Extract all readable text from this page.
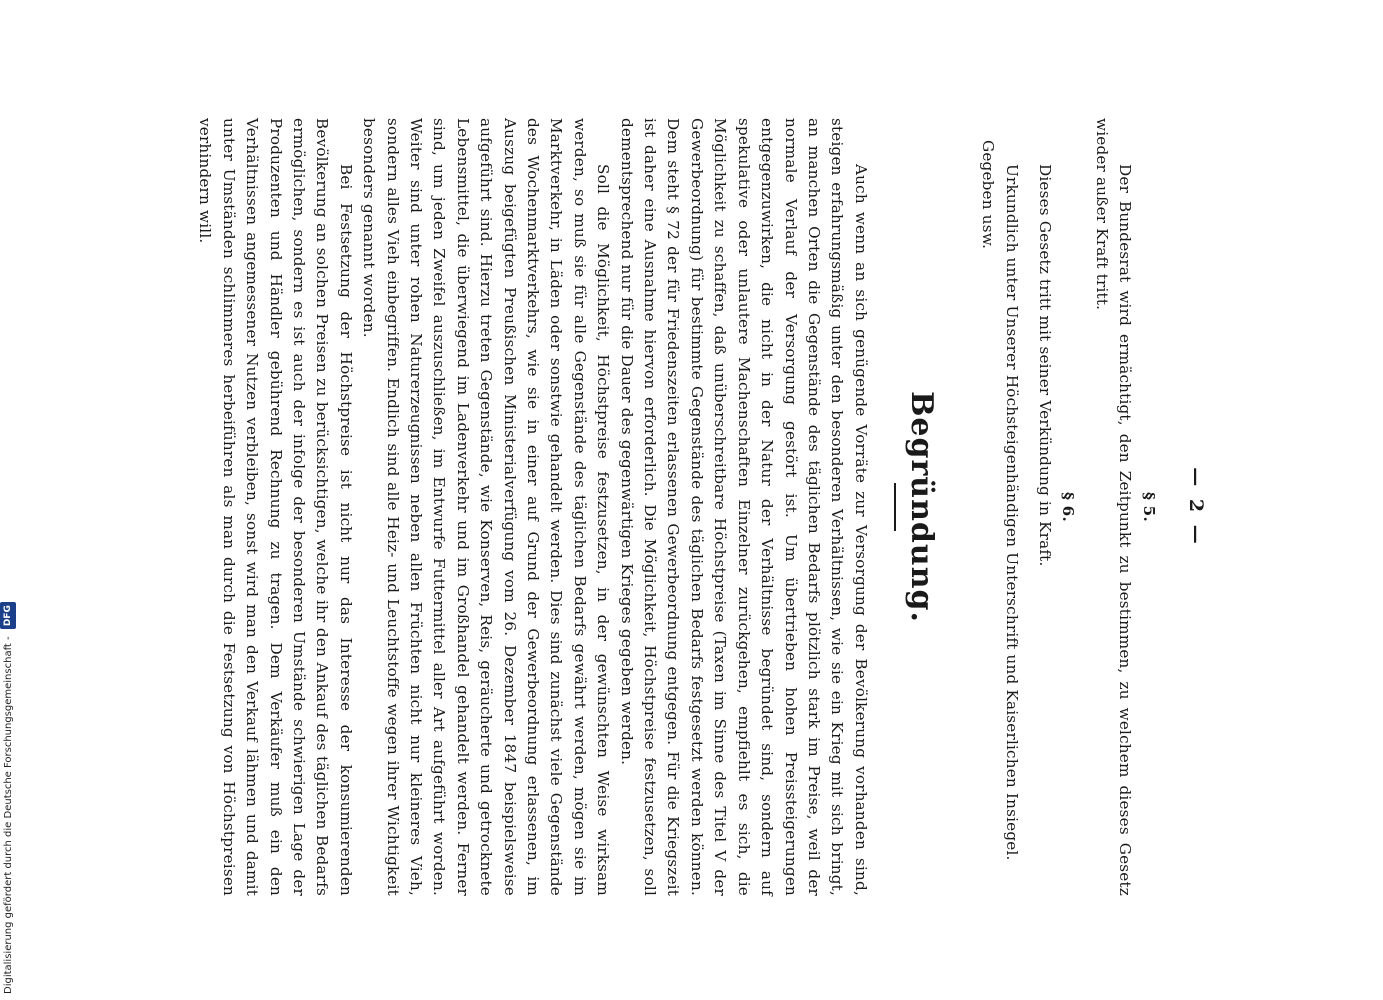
— 2 —

§ 5.

Der Bundesrat wird ermächtigt, den Zeitpunkt zu bestimmen, zu welchem dieses Gesetz wieder außer Kraft tritt.

§ 6.

Dieses Gesetz tritt mit seiner Verkündung in Kraft.

Urkundlich unter Unserer Höchsteigenhändigen Unterschrift und Kaiserlichen Insiegel.

Gegeben usw.

Begründung.

Auch wenn an sich genügende Vorräte zur Versorgung der Bevölkerung vorhanden sind, steigen erfahrungsmäßig unter den besonderen Verhältnissen, wie sie ein Krieg mit sich bringt, an manchen Orten die Gegenstände des täglichen Bedarfs plötzlich stark im Preise, weil der normale Verlauf der Versorgung gestört ist. Um übertrieben hohen Preissteigerungen entgegenzuwirken, die nicht in der Natur der Verhältnisse begründet sind, sondern auf spekulative oder unlautere Machenschaften Einzelner zurückgehen, empfiehlt es sich, die Möglichkeit zu schaffen, daß unüberschreitbare Höchstpreise (Taxen im Sinne des Titel V der Gewerbeordnung) für bestimmte Gegenstände des täglichen Bedarfs festgesetzt werden können. Dem steht § 72 der für Friedenszeiten erlassenen Gewerbeordnung entgegen. Für die Kriegszeit ist daher eine Ausnahme hiervon erforderlich. Die Möglichkeit, Höchstpreise festzusetzen, soll dementsprechend nur für die Dauer des gegenwärtigen Krieges gegeben werden.

Soll die Möglichkeit, Höchstpreise festzusetzen, in der gewünschten Weise wirksam werden, so muß sie für alle Gegenstände des täglichen Bedarfs gewährt werden, mögen sie im Marktverkehr, in Läden oder sonstwie gehandelt werden. Dies sind zunächst viele Gegenstände des Wochenmarktverkehrs, wie sie in einer auf Grund der Gewerbeordnung erlassenen, im Auszug beigefügten Preußischen Ministerialverfügung vom 26. Dezember 1847 beispielsweise aufgeführt sind. Hierzu treten Gegenstände, wie Konserven, Reis, geräucherte und getrocknete Lebensmittel, die überwiegend im Ladenverkehr und im Großhandel gehandelt werden. Ferner sind, um jeden Zweifel auszuschließen, im Entwurfe Futtermittel aller Art aufgeführt worden. Weiter sind unter rohen Naturerzeugnissen neben allen Früchten nicht nur kleineres Vieh, sondern alles Vieh einbegriffen. Endlich sind alle Heiz- und Leuchtstoffe wegen ihrer Wichtigkeit besonders genannt worden.

Bei Festsetzung der Höchstpreise ist nicht nur das Interesse der konsumierenden Bevölkerung an solchen Preisen zu berücksichtigen, welche ihr den Ankauf des täglichen Bedarfs ermöglichen, sondern es ist auch der infolge der besonderen Umstände schwierigen Lage der Produzenten und Händler gebührend Rechnung zu tragen. Dem Verkäufer muß ein den Verhältnissen angemessener Nutzen verbleiben, sonst wird man den Verkauf lähmen und damit unter Umständen schlimmeres herbeiführen als man durch die Festsetzung von Höchstpreisen verhindern will.

Digitalisierung gefördert durch die Deutsche Forschungsgemeinschaft - DFG
